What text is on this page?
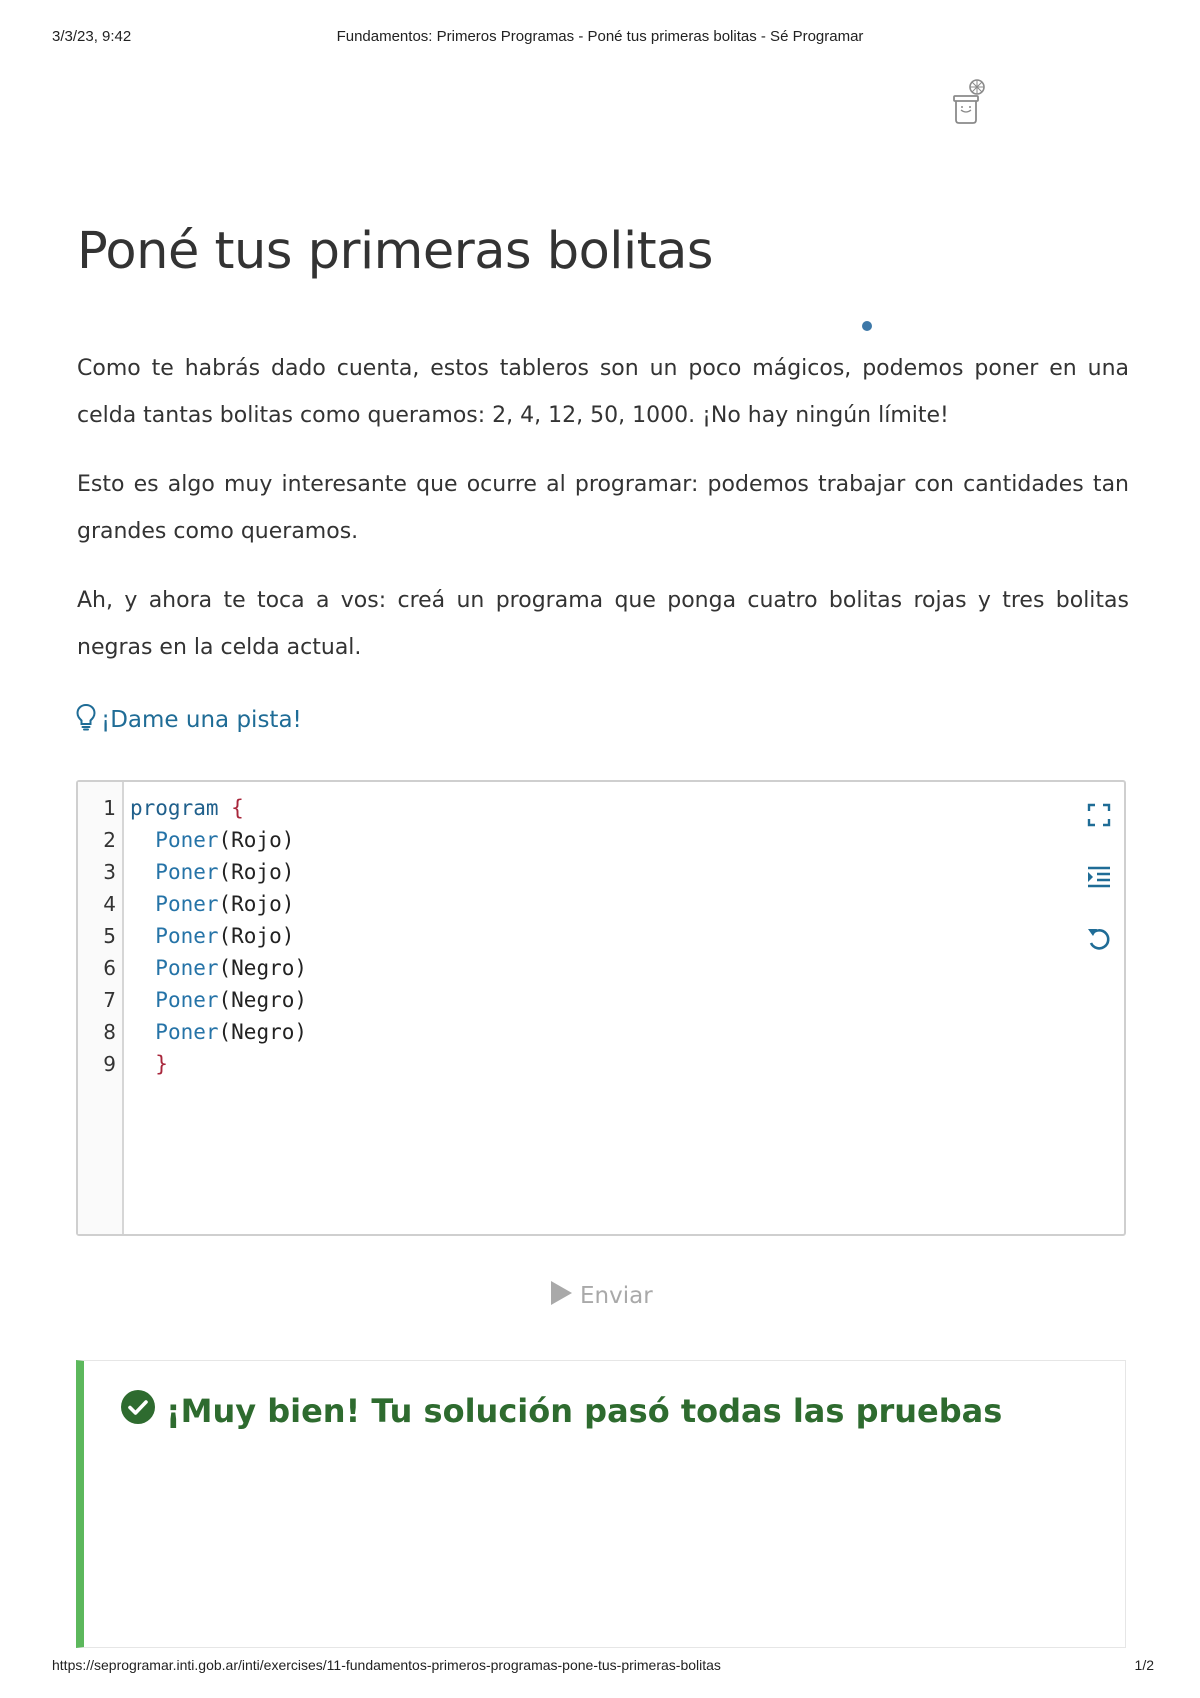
3/3/23, 9:42	Fundamentos: Primeros Programas - Poné tus primeras bolitas - Sé Programar
Poné tus primeras bolitas

Como te habrás dado cuenta, estos tableros son un poco mágicos, podemos poner en una celda tantas bolitas como queramos: 2, 4, 12, 50, 1000. ¡No hay ningún límite!

Esto es algo muy interesante que ocurre al programar: podemos trabajar con cantidades tan grandes como queramos.

Ah, y ahora te toca a vos: creá un programa que ponga cuatro bolitas rojas y tres bolitas negras en la celda actual.

¡Dame una pista!
1
2
3
4
5
6
7
8
9
program {
Poner(Rojo)
Poner(Rojo)
Poner(Rojo)
Poner(Rojo)
Poner(Negro)
Poner(Negro)
Poner(Negro)
}
Enviar
¡Muy bien! Tu solución pasó todas las pruebas
https://seprogramar.inti.gob.ar/inti/exercises/11-fundamentos-primeros-programas-pone-tus-primeras-bolitas	1/2
